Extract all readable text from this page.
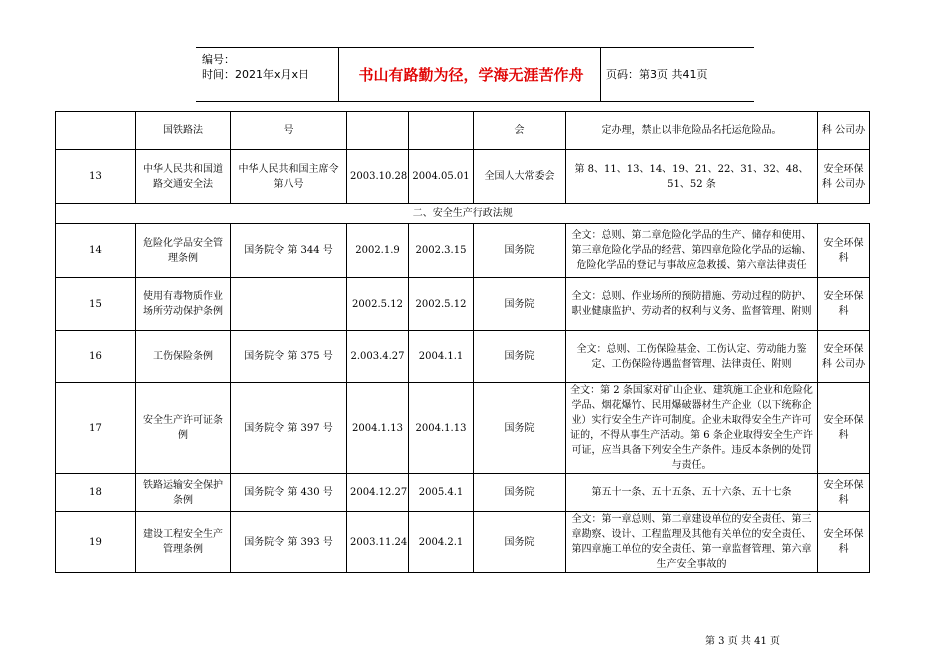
编号：
时间：2021年x月x日	书山有路勤为径，学海无涯苦作舟	页码：第3页 共41页
	国铁路法	号			会	定办理，禁止以非危险品名托运危险品。	科 公司办
13	中华人民共和国道路交通安全法	中华人民共和国主席令 第八号	2003.10.28	2004.05.01	全国人大常委会	第 8、11、13、14、19、21、22、31、32、48、51、52 条	安全环保科 公司办
二、安全生产行政法规							
14	危险化学品安全管理条例	国务院令 第 344 号	2002.1.9	2002.3.15	国务院	全文：总则、第二章危险化学品的生产、储存和使用、第三章危险化学品的经营、第四章危险化学品的运输、危险化学品的登记与事故应急救援、第六章法律责任	安全环保科
15	使用有毒物质作业场所劳动保护条例		2002.5.12	2002.5.12	国务院	全文：总则、作业场所的预防措施、劳动过程的防护、职业健康监护、劳动者的权利与义务、监督管理、附则	安全环保科
16	工伤保险条例	国务院令 第 375 号	2.003.4.27	2004.1.1	国务院	全文：总则、工伤保险基金、工伤认定、劳动能力鉴定、工伤保险待遇监督管理、法律责任、附则	安全环保科 公司办
17	安全生产许可证条例	国务院令 第 397 号	2004.1.13	2004.1.13	国务院	全文：第 2 条国家对矿山企业、建筑施工企业和危险化学品、烟花爆竹、民用爆破器材生产企业（以下统称企业）实行安全生产许可制度。企业未取得安全生产许可证的，不得从事生产活动。第 6 条企业取得安全生产许可证，应当具备下列安全生产条件。违反本条例的处罚与责任。	安全环保科
18	铁路运输安全保护条例	国务院令 第 430 号	2004.12.27	2005.4.1	国务院	第五十一条、五十五条、五十六条、五十七条	安全环保科
19	建设工程安全生产管理条例	国务院令 第 393 号	2003.11.24	2004.2.1	国务院	全文：第一章总则、第二章建设单位的安全责任、第三章勘察、设计、工程监理及其他有关单位的安全责任、第四章施工单位的安全责任、第一章监督管理、第六章生产安全事故的	安全环保科
第 3 页 共 41 页
